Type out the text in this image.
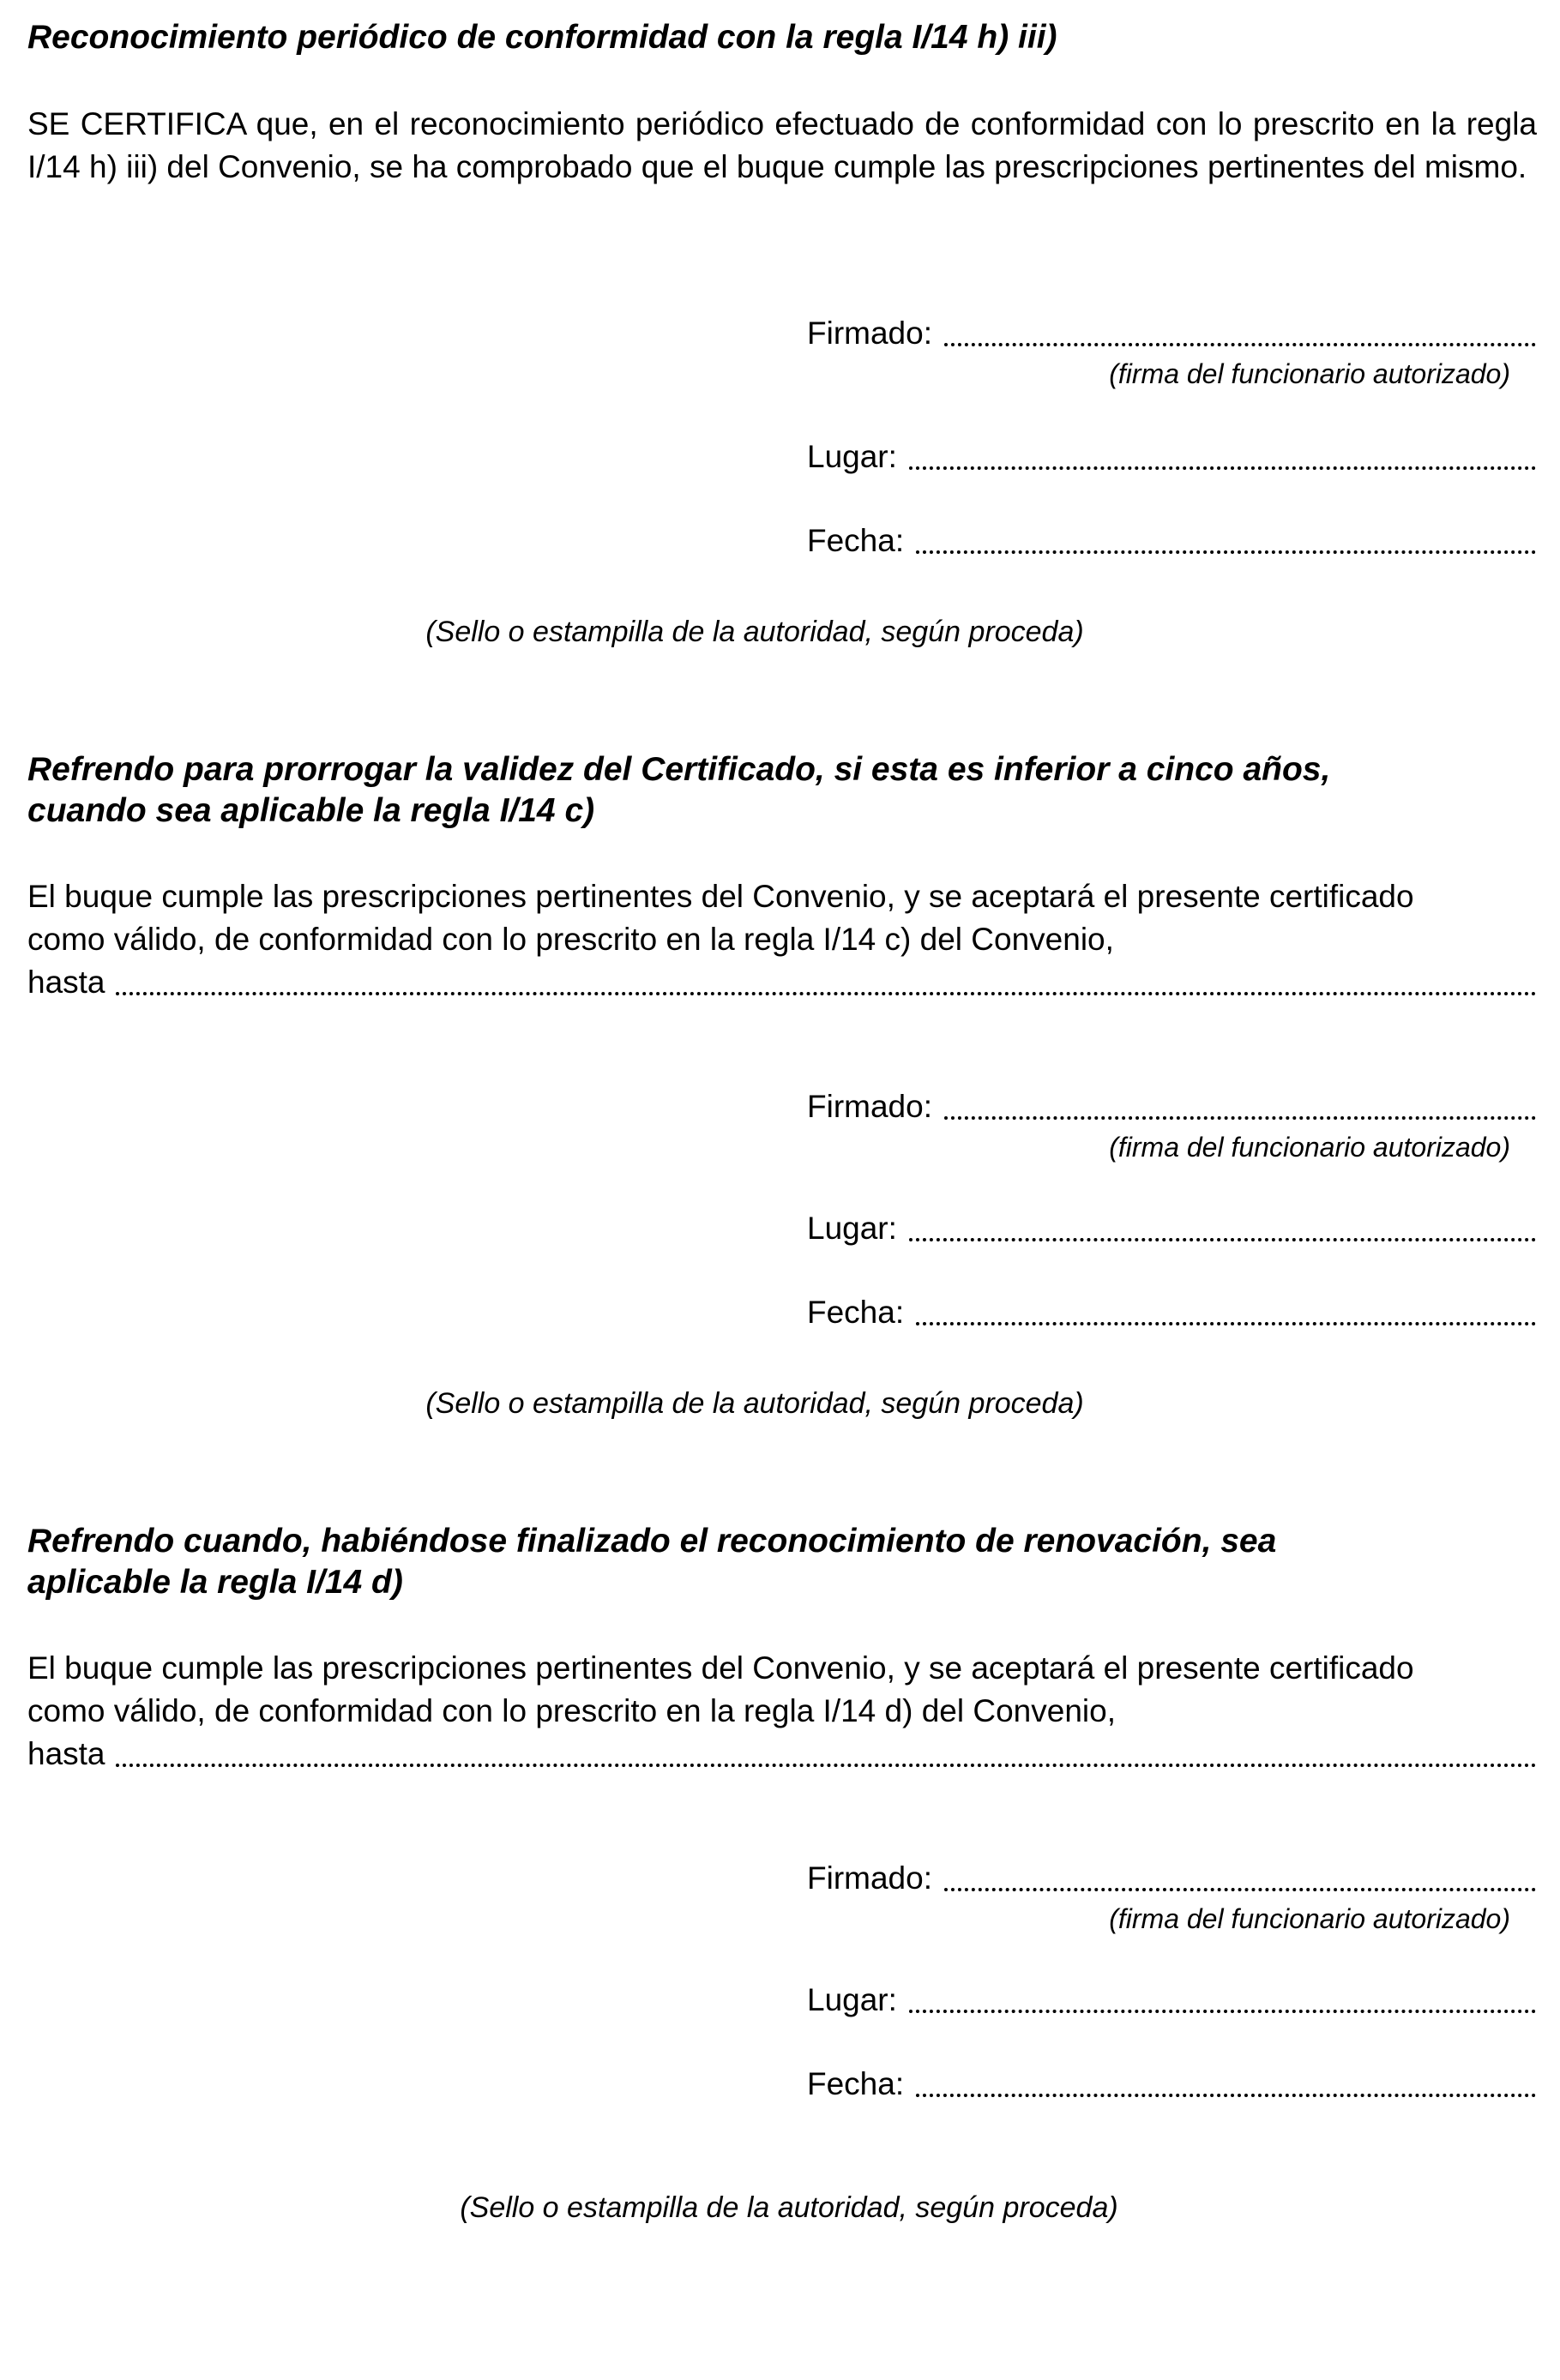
Reconocimiento periódico de conformidad con la regla I/14 h) iii)
SE CERTIFICA que, en el reconocimiento periódico efectuado de conformidad con lo prescrito en la regla I/14 h) iii) del Convenio, se ha comprobado que el buque cumple las prescripciones pertinentes del mismo.
Firmado:
(firma del funcionario autorizado)
Lugar:
Fecha:
(Sello o estampilla de la autoridad, según proceda)
Refrendo para prorrogar la validez del Certificado, si esta es inferior a cinco años,
cuando sea aplicable la regla I/14 c)
El buque cumple las prescripciones pertinentes del Convenio, y se aceptará el presente certificado
como válido, de conformidad con lo prescrito en la regla I/14 c) del Convenio,
hasta
Firmado:
(firma del funcionario autorizado)
Lugar:
Fecha:
(Sello o estampilla de la autoridad, según proceda)
Refrendo cuando, habiéndose finalizado el reconocimiento de renovación, sea
aplicable la regla I/14 d)
El buque cumple las prescripciones pertinentes del Convenio, y se aceptará el presente certificado
como válido, de conformidad con lo prescrito en la regla I/14 d) del Convenio,
hasta
Firmado:
(firma del funcionario autorizado)
Lugar:
Fecha:
(Sello o estampilla de la autoridad, según proceda)
